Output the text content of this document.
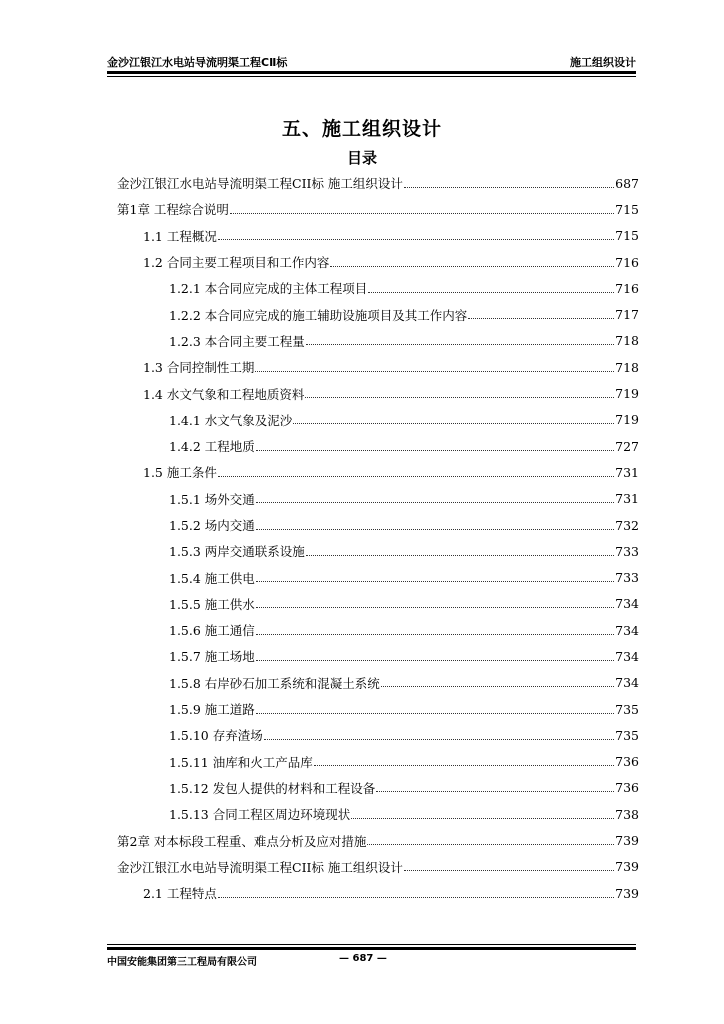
金沙江银江水电站导流明渠工程CⅡ标	施工组织设计
五、施工组织设计
目录
金沙江银江水电站导流明渠工程CII标 施工组织设计	687
第1章 工程综合说明	715
1.1 工程概况	715
1.2 合同主要工程项目和工作内容	716
1.2.1 本合同应完成的主体工程项目	716
1.2.2 本合同应完成的施工辅助设施项目及其工作内容	717
1.2.3 本合同主要工程量	718
1.3 合同控制性工期	718
1.4 水文气象和工程地质资料	719
1.4.1 水文气象及泥沙	719
1.4.2 工程地质	727
1.5 施工条件	731
1.5.1 场外交通	731
1.5.2 场内交通	732
1.5.3 两岸交通联系设施	733
1.5.4 施工供电	733
1.5.5 施工供水	734
1.5.6 施工通信	734
1.5.7 施工场地	734
1.5.8 右岸砂石加工系统和混凝土系统	734
1.5.9 施工道路	735
1.5.10 存弃渣场	735
1.5.11 油库和火工产品库	736
1.5.12 发包人提供的材料和工程设备	736
1.5.13 合同工程区周边环境现状	738
第2章 对本标段工程重、难点分析及应对措施	739
金沙江银江水电站导流明渠工程CII标 施工组织设计	739
2.1 工程特点	739
中国安能集团第三工程局有限公司	— 687 —
